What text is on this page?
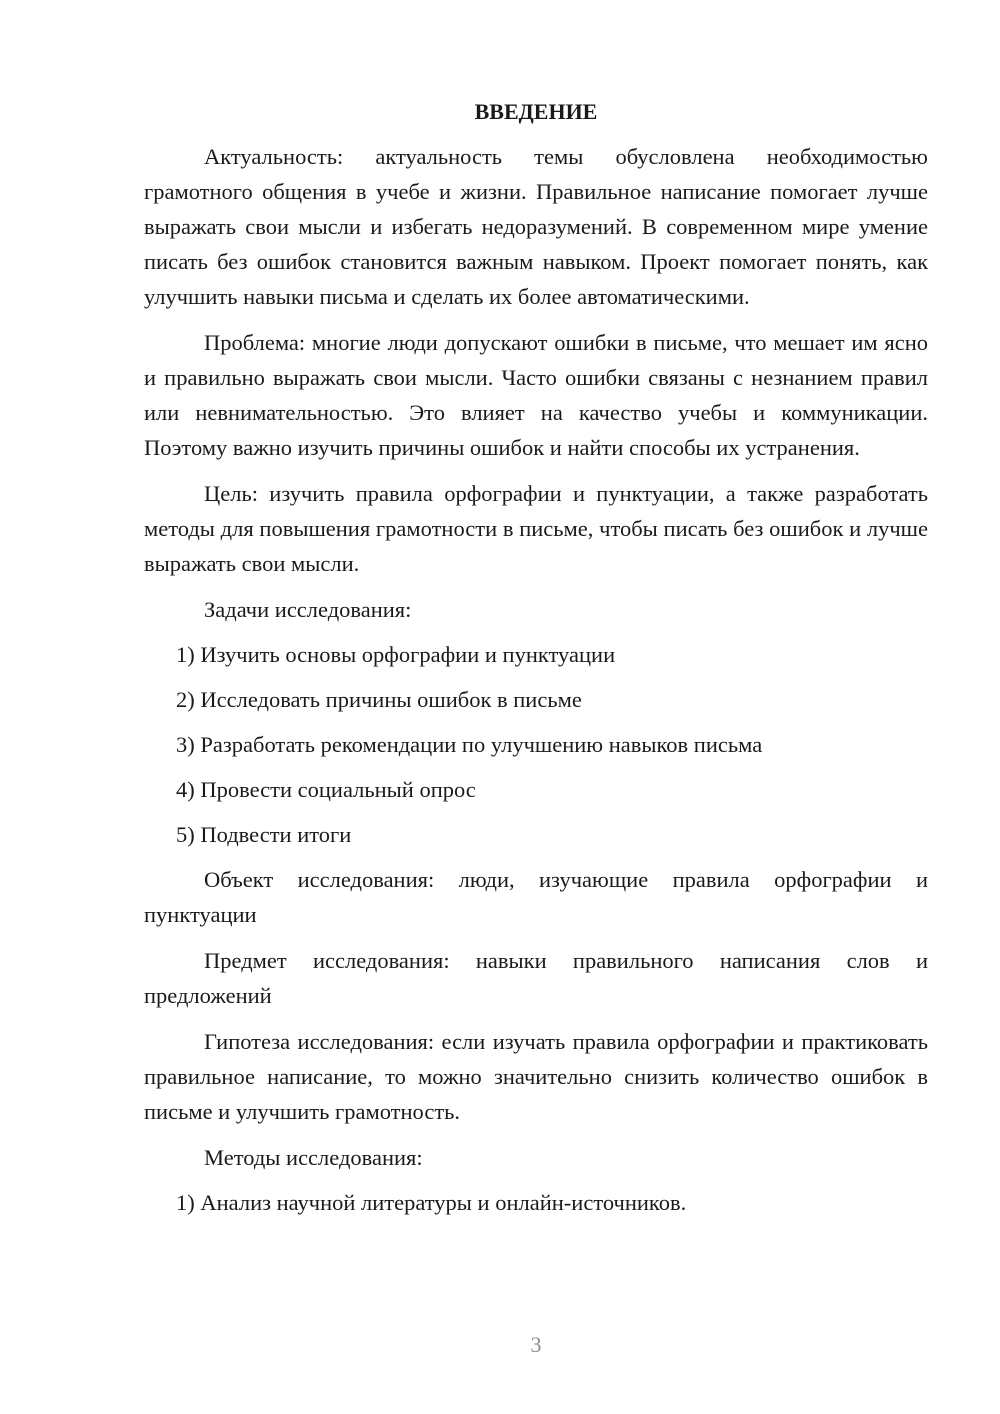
ВВЕДЕНИЕ

Актуальность: актуальность темы обусловлена необходимостью грамотного общения в учебе и жизни. Правильное написание помогает лучше выражать свои мысли и избегать недоразумений. В современном мире умение писать без ошибок становится важным навыком. Проект помогает понять, как улучшить навыки письма и сделать их более автоматическими.

Проблема: многие люди допускают ошибки в письме, что мешает им ясно и правильно выражать свои мысли. Часто ошибки связаны с незнанием правил или невнимательностью. Это влияет на качество учебы и коммуникации. Поэтому важно изучить причины ошибок и найти способы их устранения.

Цель: изучить правила орфографии и пунктуации, а также разработать методы для повышения грамотности в письме, чтобы писать без ошибок и лучше выражать свои мысли.

Задачи исследования:
1) Изучить основы орфографии и пунктуации
2) Исследовать причины ошибок в письме
3) Разработать рекомендации по улучшению навыков письма
4) Провести социальный опрос
5) Подвести итоги

Объект исследования: люди, изучающие правила орфографии и пунктуации

Предмет исследования: навыки правильного написания слов и предложений

Гипотеза исследования: если изучать правила орфографии и практиковать правильное написание, то можно значительно снизить количество ошибок в письме и улучшить грамотность.

Методы исследования:
1) Анализ научной литературы и онлайн-источников.
3
